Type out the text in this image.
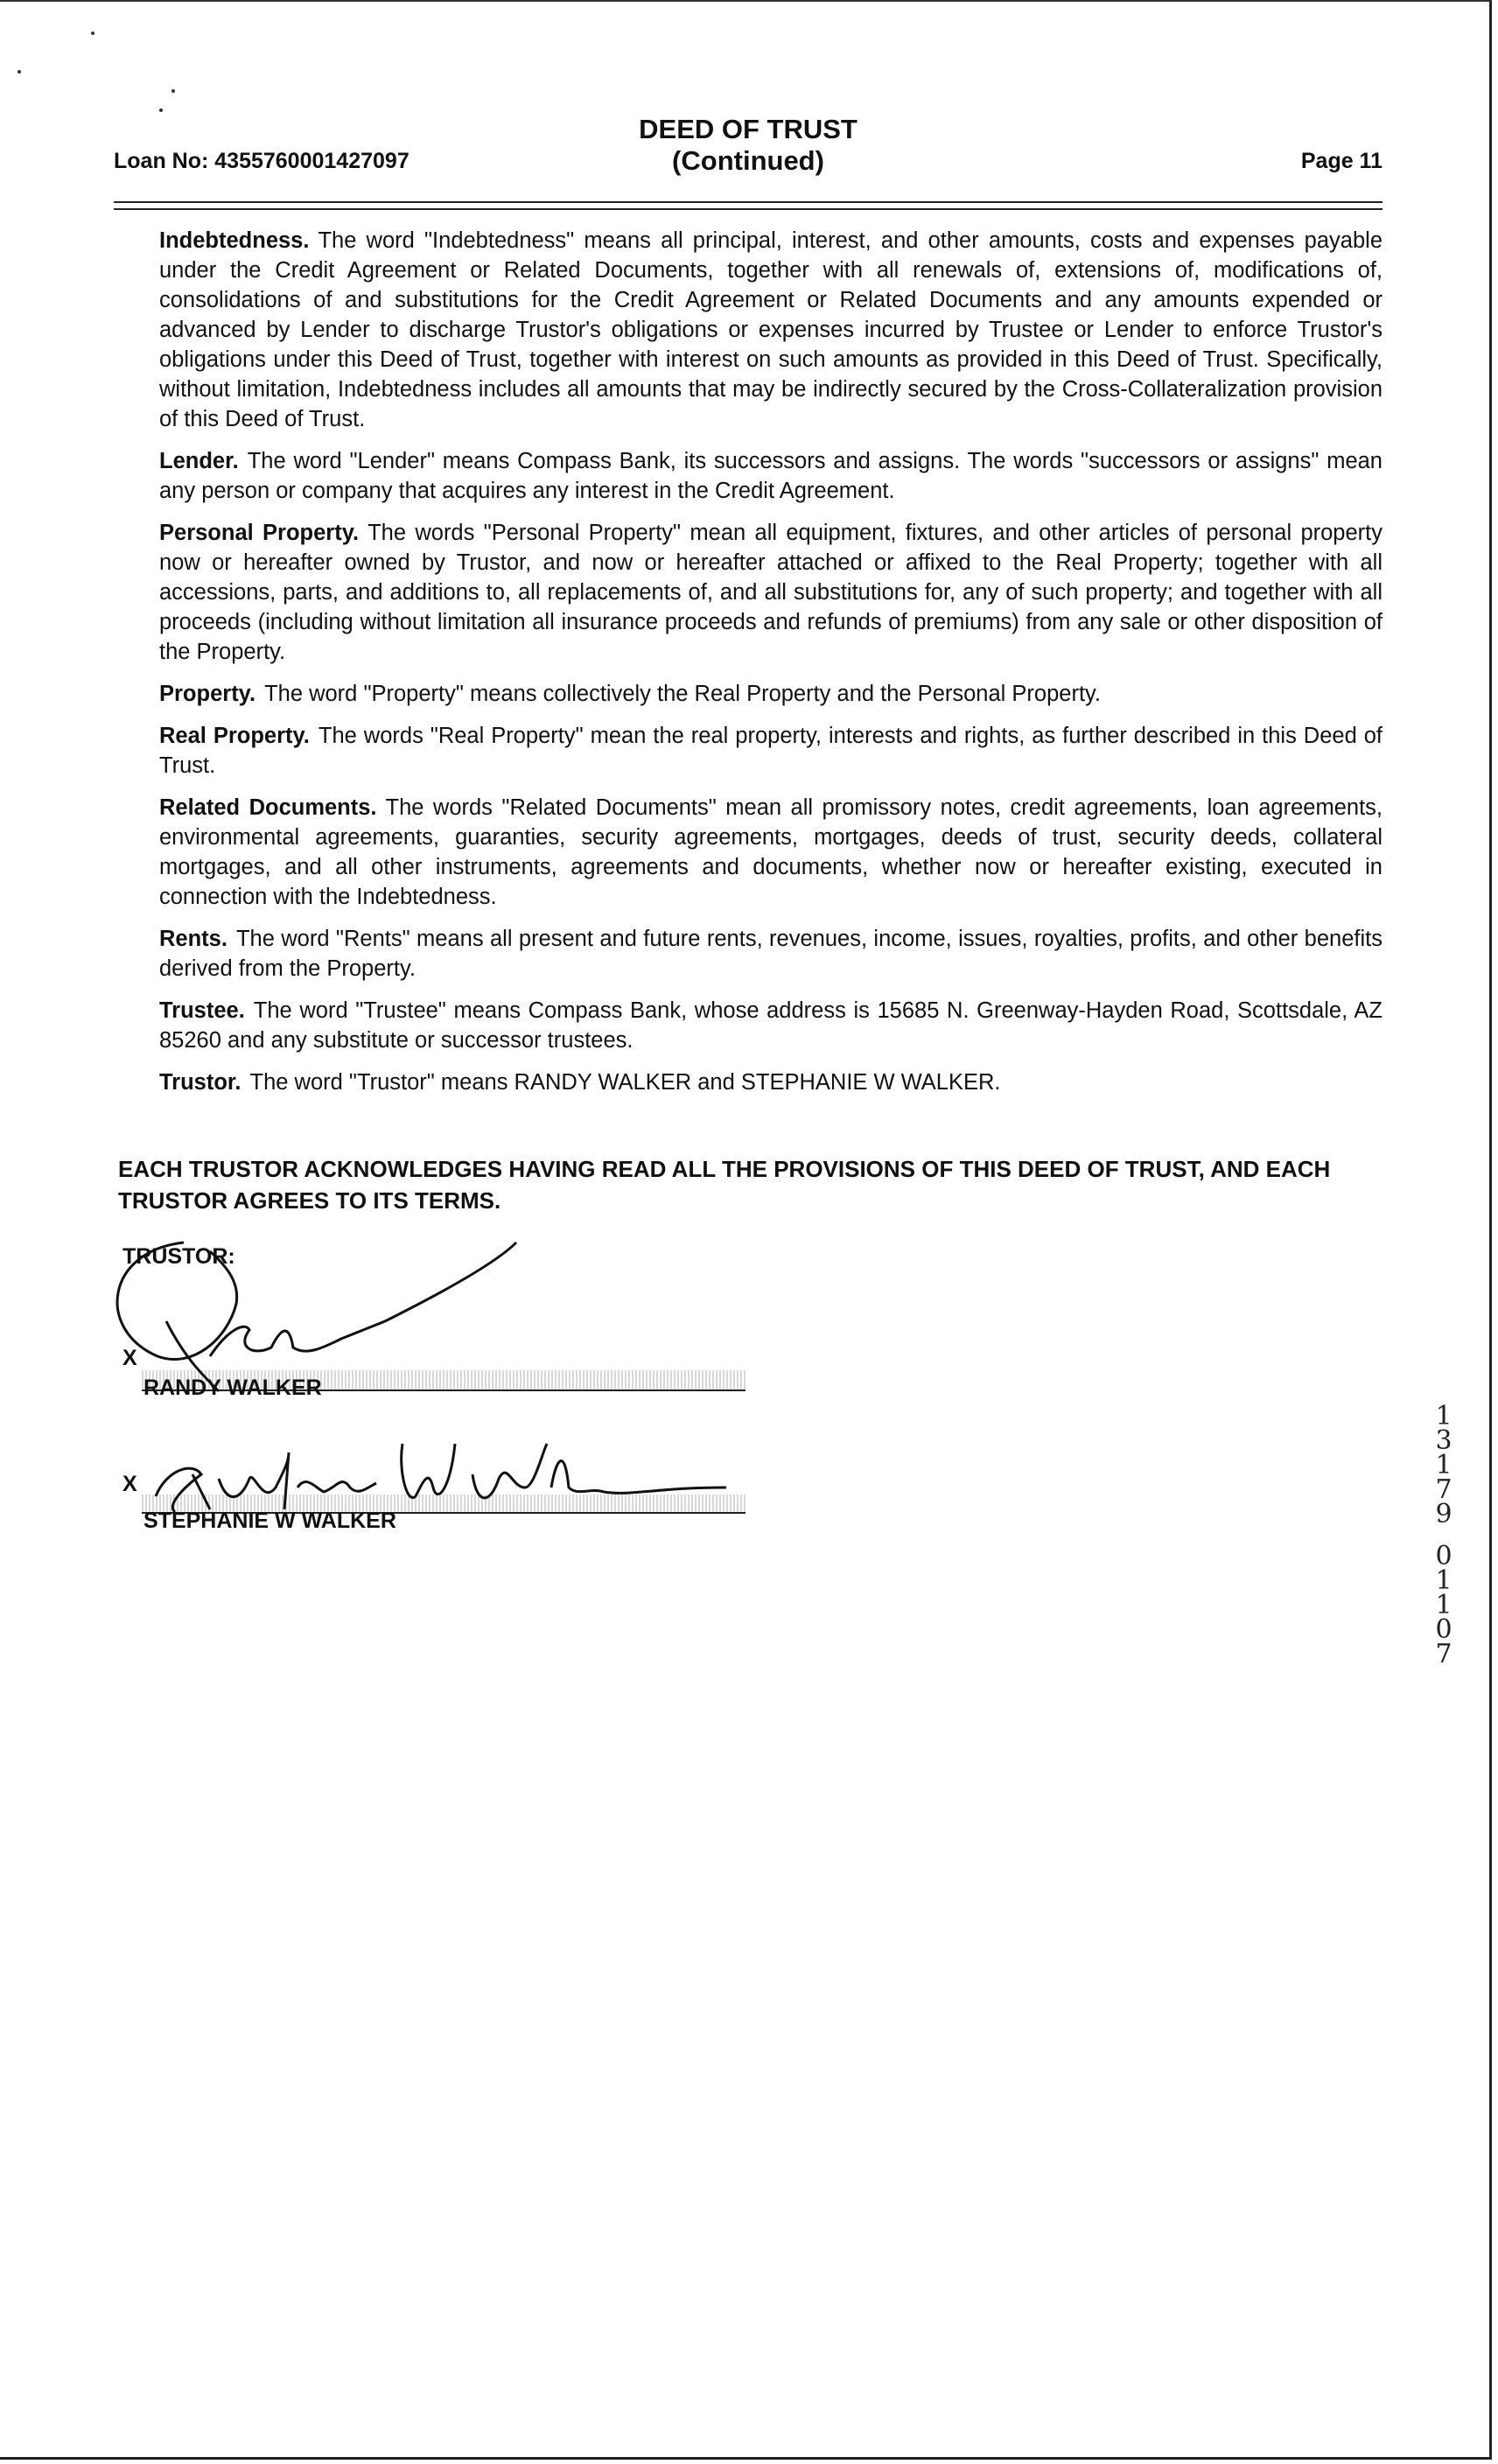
Loan No: 4355760001427097
DEED OF TRUST
(Continued)	Page 11

Indebtedness. The word "Indebtedness" means all principal, interest, and other amounts, costs and expenses payable under the Credit Agreement or Related Documents, together with all renewals of, extensions of, modifications of, consolidations of and substitutions for the Credit Agreement or Related Documents and any amounts expended or advanced by Lender to discharge Trustor's obligations or expenses incurred by Trustee or Lender to enforce Trustor's obligations under this Deed of Trust, together with interest on such amounts as provided in this Deed of Trust. Specifically, without limitation, Indebtedness includes all amounts that may be indirectly secured by the Cross-Collateralization provision of this Deed of Trust.

Lender. The word "Lender" means Compass Bank, its successors and assigns. The words "successors or assigns" mean any person or company that acquires any interest in the Credit Agreement.

Personal Property. The words "Personal Property" mean all equipment, fixtures, and other articles of personal property now or hereafter owned by Trustor, and now or hereafter attached or affixed to the Real Property; together with all accessions, parts, and additions to, all replacements of, and all substitutions for, any of such property; and together with all proceeds (including without limitation all insurance proceeds and refunds of premiums) from any sale or other disposition of the Property.

Property. The word "Property" means collectively the Real Property and the Personal Property.

Real Property. The words "Real Property" mean the real property, interests and rights, as further described in this Deed of Trust.

Related Documents. The words "Related Documents" mean all promissory notes, credit agreements, loan agreements, environmental agreements, guaranties, security agreements, mortgages, deeds of trust, security deeds, collateral mortgages, and all other instruments, agreements and documents, whether now or hereafter existing, executed in connection with the Indebtedness.

Rents. The word "Rents" means all present and future rents, revenues, income, issues, royalties, profits, and other benefits derived from the Property.

Trustee. The word "Trustee" means Compass Bank, whose address is 15685 N. Greenway-Hayden Road, Scottsdale, AZ 85260 and any substitute or successor trustees.

Trustor. The word "Trustor" means RANDY WALKER and STEPHANIE W WALKER.

EACH TRUSTOR ACKNOWLEDGES HAVING READ ALL THE PROVISIONS OF THIS DEED OF TRUST, AND EACH TRUSTOR AGREES TO ITS TERMS.
TRUSTOR:
X
RANDY WALKER
X
STEPHANIE W WALKER
1
3
1
7
9
0
1
1
0
7
